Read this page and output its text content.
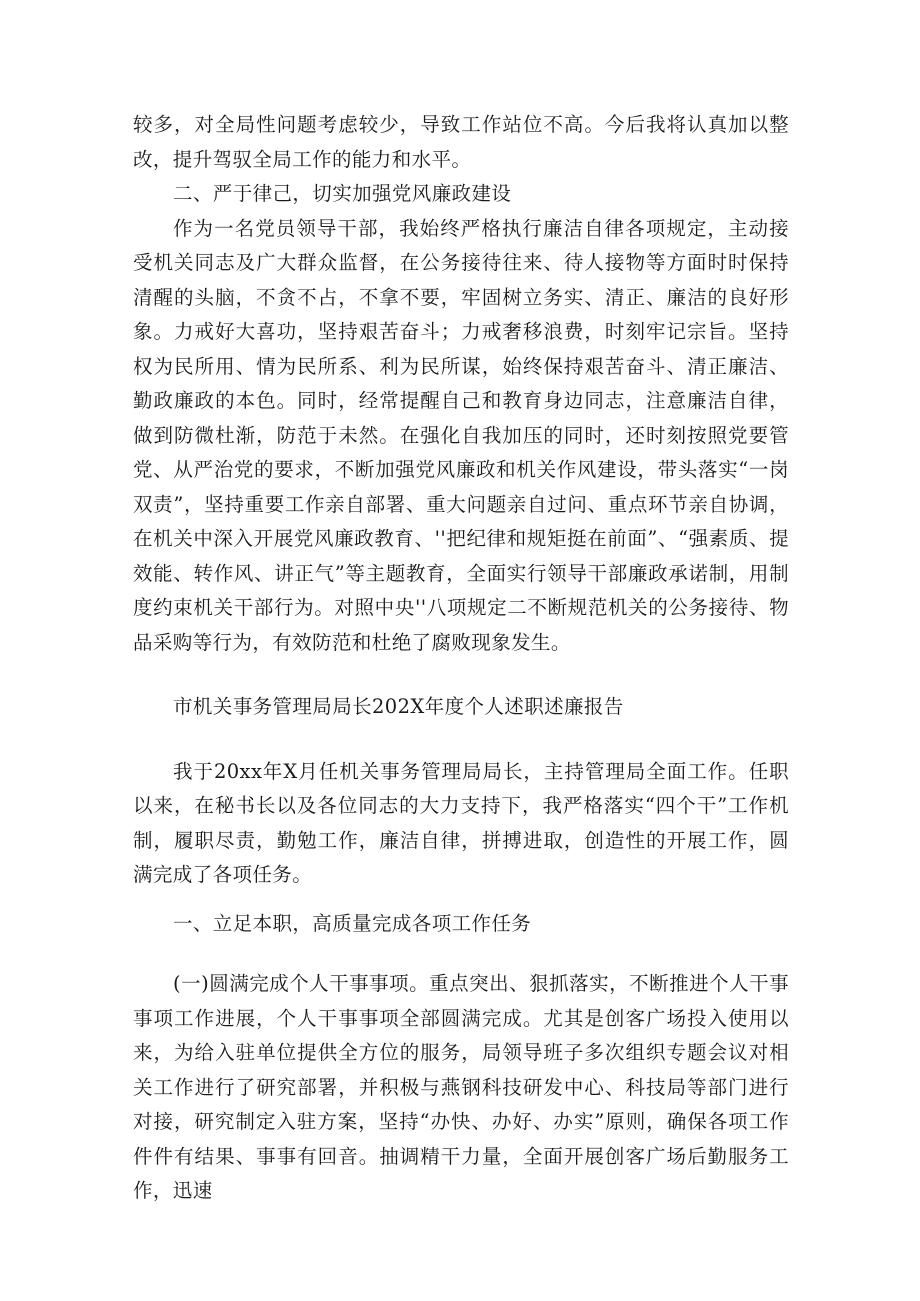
较多，对全局性问题考虑较少，导致工作站位不高。今后我将认真加以整改，提升驾驭全局工作的能力和水平。

二、严于律己，切实加强党风廉政建设

作为一名党员领导干部，我始终严格执行廉洁自律各项规定，主动接受机关同志及广大群众监督，在公务接待往来、待人接物等方面时时保持清醒的头脑，不贪不占，不拿不要，牢固树立务实、清正、廉洁的良好形象。力戒好大喜功，坚持艰苦奋斗；力戒奢移浪费，时刻牢记宗旨。坚持权为民所用、情为民所系、利为民所谋，始终保持艰苦奋斗、清正廉洁、勤政廉政的本色。同时，经常提醒自己和教育身边同志，注意廉洁自律，做到防微杜渐，防范于未然。在强化自我加压的同时，还时刻按照党要管党、从严治党的要求，不断加强党风廉政和机关作风建设，带头落实“一岗双责”，坚持重要工作亲自部署、重大问题亲自过问、重点环节亲自协调，在机关中深入开展党风廉政教育、''把纪律和规矩挺在前面”、“强素质、提效能、转作风、讲正气”等主题教育，全面实行领导干部廉政承诺制，用制度约束机关干部行为。对照中央''八项规定二不断规范机关的公务接待、物品采购等行为，有效防范和杜绝了腐败现象发生。

市机关事务管理局局长202X年度个人述职述廉报告

我于20xx年X月任机关事务管理局局长，主持管理局全面工作。任职以来，在秘书长以及各位同志的大力支持下，我严格落实“四个干”工作机制，履职尽责，勤勉工作，廉洁自律，拼搏进取，创造性的开展工作，圆满完成了各项任务。

一、立足本职，高质量完成各项工作任务

(一)圆满完成个人干事事项。重点突出、狠抓落实，不断推进个人干事事项工作进展，个人干事事项全部圆满完成。尤其是创客广场投入使用以来，为给入驻单位提供全方位的服务，局领导班子多次组织专题会议对相关工作进行了研究部署，并积极与燕钢科技研发中心、科技局等部门进行对接，研究制定入驻方案，坚持“办快、办好、办实”原则，确保各项工作件件有结果、事事有回音。抽调精干力量，全面开展创客广场后勤服务工作，迅速
